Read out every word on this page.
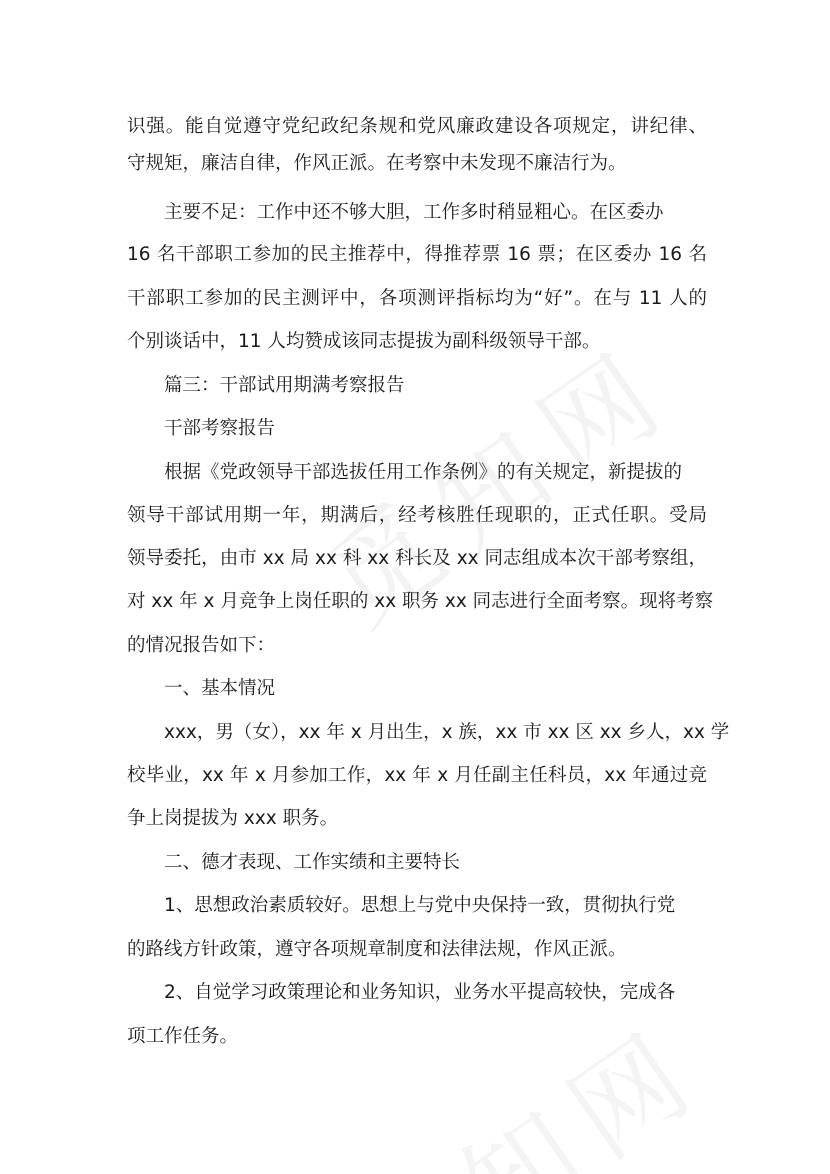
识强。能自觉遵守党纪政纪条规和党风廉政建设各项规定，讲纪律、
守规矩，廉洁自律，作风正派。在考察中未发现不廉洁行为。
主要不足：工作中还不够大胆，工作多时稍显粗心。在区委办
16 名干部职工参加的民主推荐中，得推荐票 16 票；在区委办 16 名
干部职工参加的民主测评中，各项测评指标均为“好”。在与 11 人的
个别谈话中，11 人均赞成该同志提拔为副科级领导干部。
篇三：干部试用期满考察报告
干部考察报告
根据《党政领导干部选拔任用工作条例》的有关规定，新提拔的
领导干部试用期一年，期满后，经考核胜任现职的，正式任职。受局
领导委托，由市 xx 局 xx 科 xx 科长及 xx 同志组成本次干部考察组，
对 xx 年 x 月竞争上岗任职的 xx 职务 xx 同志进行全面考察。现将考察
的情况报告如下：
一、基本情况
xxx，男（女），xx 年 x 月出生，x 族，xx 市 xx 区 xx 乡人，xx 学
校毕业，xx 年 x 月参加工作，xx 年 x 月任副主任科员，xx 年通过竞
争上岗提拔为 xxx 职务。
二、德才表现、工作实绩和主要特长
1、思想政治素质较好。思想上与党中央保持一致，贯彻执行党
的路线方针政策，遵守各项规章制度和法律法规，作风正派。
2、自觉学习政策理论和业务知识，业务水平提高较快，完成各
项工作任务。
